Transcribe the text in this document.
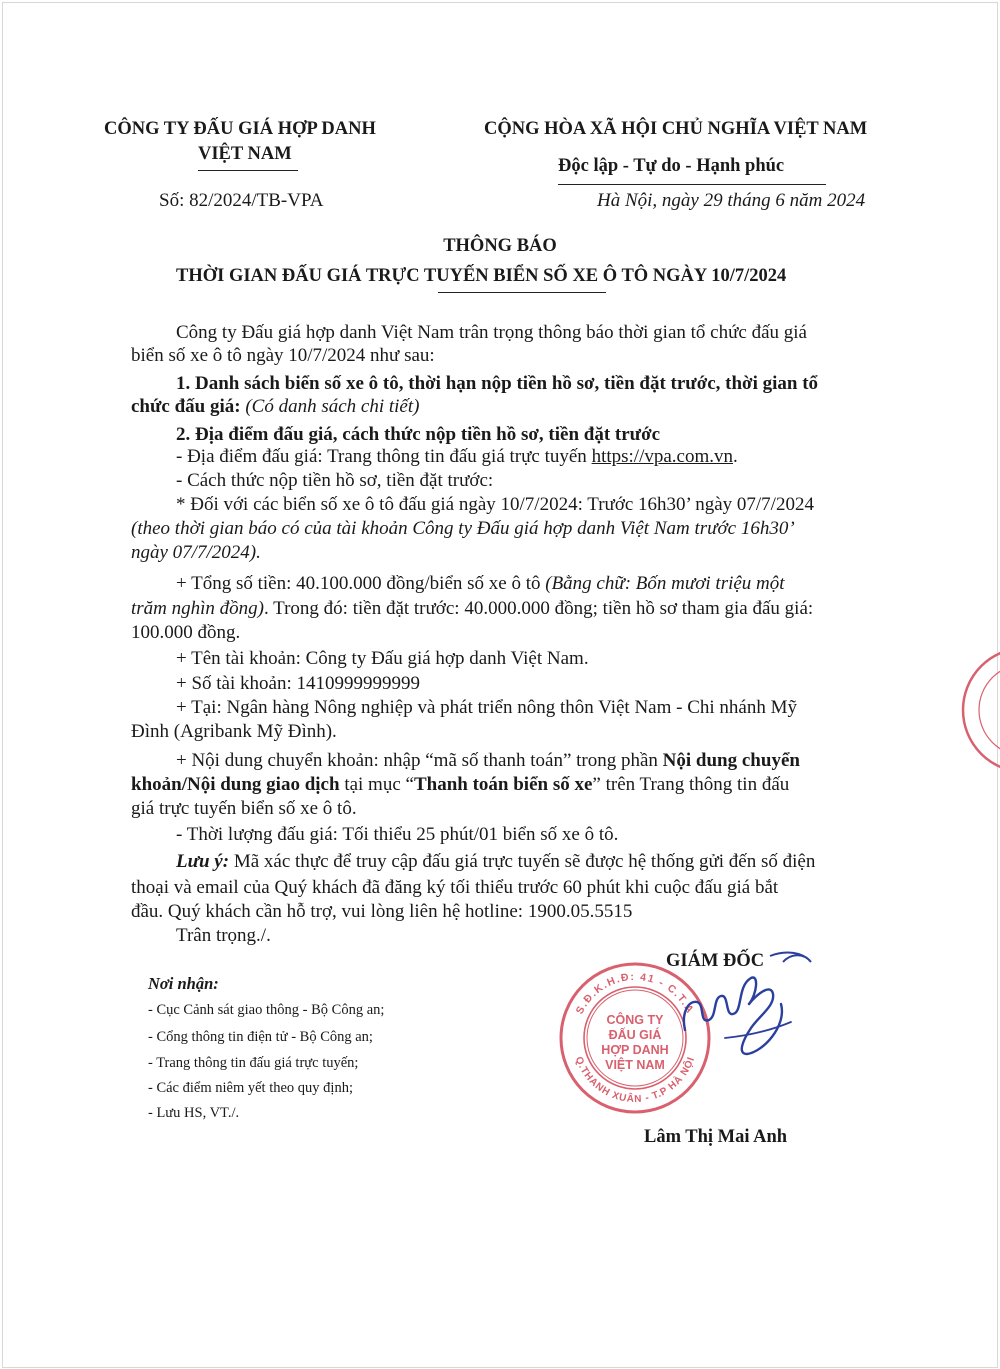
CÔNG TY ĐẤU GIÁ HỢP DANH
VIỆT NAM
CỘNG HÒA XÃ HỘI CHỦ NGHĨA VIỆT NAM
Độc lập - Tự do - Hạnh phúc
Số: 82/2024/TB-VPA	Hà Nội, ngày 29 tháng 6 năm 2024
THÔNG BÁO
THỜI GIAN ĐẤU GIÁ TRỰC TUYẾN BIỂN SỐ XE Ô TÔ NGÀY 10/7/2024
Công ty Đấu giá hợp danh Việt Nam trân trọng thông báo thời gian tổ chức đấu giá
biển số xe ô tô ngày 10/7/2024 như sau:
1. Danh sách biển số xe ô tô, thời hạn nộp tiền hồ sơ, tiền đặt trước, thời gian tổ
chức đấu giá: (Có danh sách chi tiết)
2. Địa điểm đấu giá, cách thức nộp tiền hồ sơ, tiền đặt trước
- Địa điểm đấu giá: Trang thông tin đấu giá trực tuyến https://vpa.com.vn.
- Cách thức nộp tiền hồ sơ, tiền đặt trước:
* Đối với các biển số xe ô tô đấu giá ngày 10/7/2024: Trước 16h30’ ngày 07/7/2024
(theo thời gian báo có của tài khoản Công ty Đấu giá hợp danh Việt Nam trước 16h30’
ngày 07/7/2024).
+ Tổng số tiền: 40.100.000 đồng/biển số xe ô tô (Bằng chữ: Bốn mươi triệu một
trăm nghìn đồng). Trong đó: tiền đặt trước: 40.000.000 đồng; tiền hồ sơ tham gia đấu giá:
100.000 đồng.
+ Tên tài khoản: Công ty Đấu giá hợp danh Việt Nam.
+ Số tài khoản: 1410999999999
+ Tại: Ngân hàng Nông nghiệp và phát triển nông thôn Việt Nam - Chi nhánh Mỹ
Đình (Agribank Mỹ Đình).
+ Nội dung chuyển khoản: nhập “mã số thanh toán” trong phần Nội dung chuyển
khoản/Nội dung giao dịch tại mục “Thanh toán biển số xe” trên Trang thông tin đấu
giá trực tuyến biển số xe ô tô.
- Thời lượng đấu giá: Tối thiểu 25 phút/01 biển số xe ô tô.
Lưu ý: Mã xác thực để truy cập đấu giá trực tuyến sẽ được hệ thống gửi đến số điện
thoại và email của Quý khách đã đăng ký tối thiểu trước 60 phút khi cuộc đấu giá bắt
đầu. Quý khách cần hỗ trợ, vui lòng liên hệ hotline: 1900.05.5515
Trân trọng./.
Nơi nhận:
- Cục Cảnh sát giao thông - Bộ Công an;
- Cổng thông tin điện tử - Bộ Công an;
- Trang thông tin đấu giá trực tuyến;
- Các điểm niêm yết theo quy định;
- Lưu HS, VT./.
GIÁM ĐỐC
S.Đ.K.H.Đ: 41 - C.T.A
Q.THANH XUÂN - T.P HÀ NỘI
CÔNG TY
ĐẤU GIÁ
HỢP DANH
VIỆT NAM
Lâm Thị Mai Anh
